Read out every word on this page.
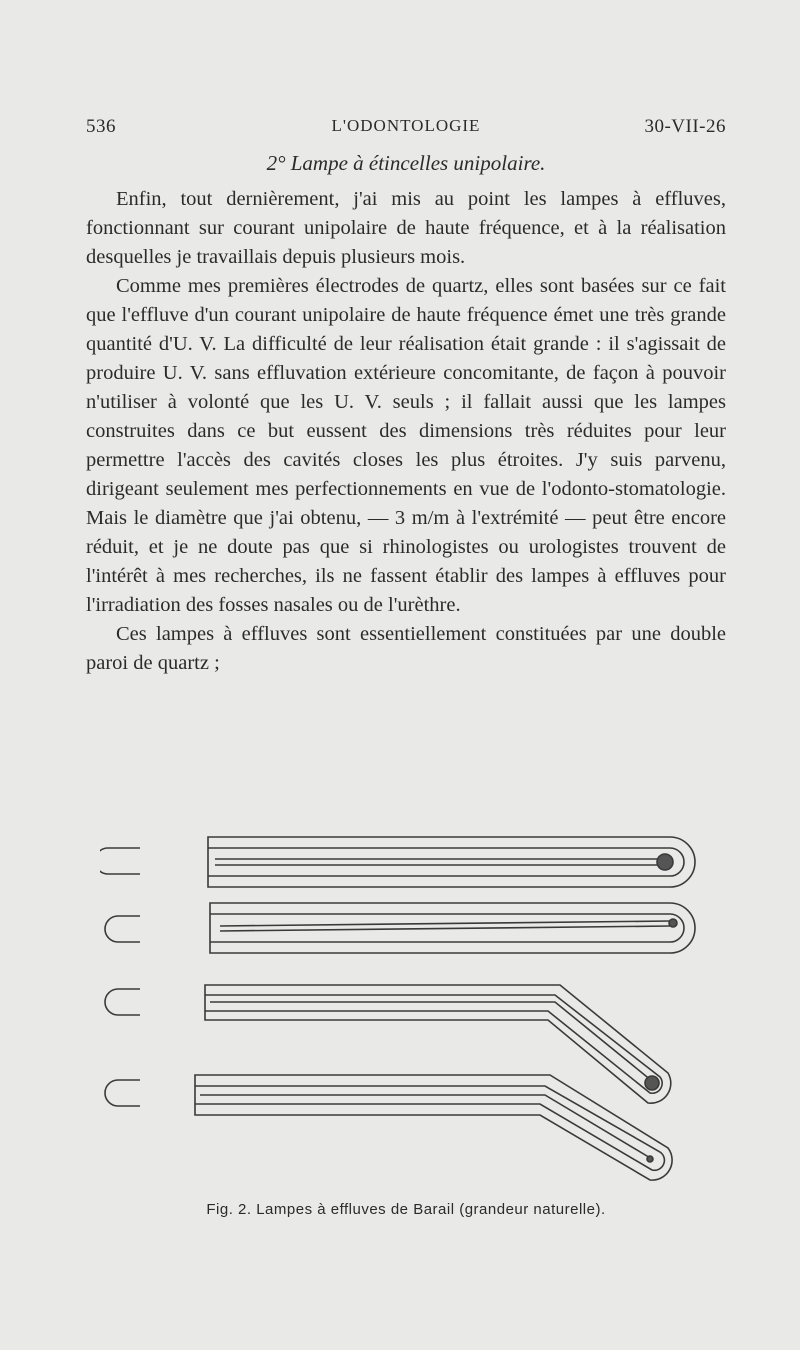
536	L'ODONTOLOGIE	30-VII-26
2° Lampe à étincelles unipolaire.

Enfin, tout dernièrement, j'ai mis au point les lampes à effluves, fonctionnant sur courant unipolaire de haute fréquence, et à la réalisation desquelles je travaillais depuis plusieurs mois.

Comme mes premières électrodes de quartz, elles sont basées sur ce fait que l'effluve d'un courant unipolaire de haute fréquence émet une très grande quantité d'U. V. La difficulté de leur réalisation était grande : il s'agissait de produire U. V. sans effluvation extérieure concomitante, de façon à pouvoir n'utiliser à volonté que les U. V. seuls ; il fallait aussi que les lampes construites dans ce but eussent des dimensions très réduites pour leur permettre l'accès des cavités closes les plus étroites. J'y suis parvenu, dirigeant seulement mes perfectionnements en vue de l'odonto-stomatologie. Mais le diamètre que j'ai obtenu, — 3 m/m à l'extrémité — peut être encore réduit, et je ne doute pas que si rhinologistes ou urologistes trouvent de l'intérêt à mes recherches, ils ne fassent établir des lampes à effluves pour l'irradiation des fosses nasales ou de l'urèthre.

Ces lampes à effluves sont essentiellement constituées par une double paroi de quartz ;

Fig. 2. Lampes à effluves de Barail (grandeur naturelle).
